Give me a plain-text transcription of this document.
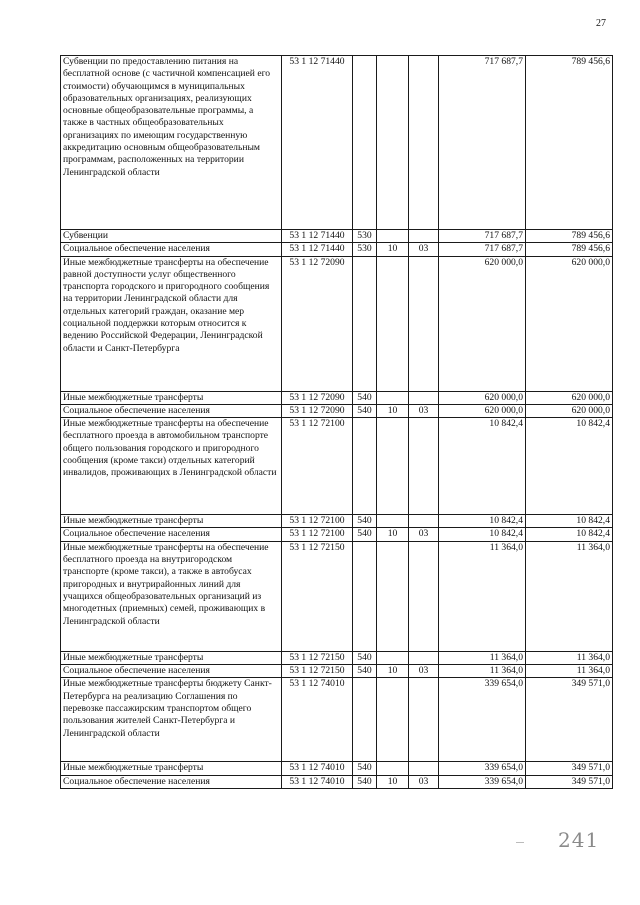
27
Субвенции по предоставлению питания на бесплатной основе (с частичной компенсацией его стоимости) обучающимся в муниципальных образовательных организациях, реализующих основные общеобразовательные программы, а также в частных общеобразовательных организациях по имеющим государственную аккредитацию основным общеобразовательным программам, расположенных на территории Ленинградской области	53 1 12 71440				717 687,7	789 456,6
Субвенции	53 1 12 71440	530			717 687,7	789 456,6
Социальное обеспечение населения	53 1 12 71440	530	10	03	717 687,7	789 456,6
Иные межбюджетные трансферты на обеспечение равной доступности услуг общественного транспорта городского и пригородного сообщения на территории Ленинградской области для отдельных категорий граждан, оказание мер социальной поддержки которым относится к ведению Российской Федерации, Ленинградской области и Санкт-Петербурга	53 1 12 72090				620 000,0	620 000,0
Иные межбюджетные трансферты	53 1 12 72090	540			620 000,0	620 000,0
Социальное обеспечение населения	53 1 12 72090	540	10	03	620 000,0	620 000,0
Иные межбюджетные трансферты на обеспечение бесплатного проезда в автомобильном транспорте общего пользования городского и пригородного сообщения (кроме такси) отдельных категорий инвалидов, проживающих в Ленинградской области	53 1 12 72100				10 842,4	10 842,4
Иные межбюджетные трансферты	53 1 12 72100	540			10 842,4	10 842,4
Социальное обеспечение населения	53 1 12 72100	540	10	03	10 842,4	10 842,4
Иные межбюджетные трансферты на обеспечение бесплатного проезда на внутригородском транспорте (кроме такси), а также в автобусах пригородных и внутрирайонных линий для учащихся общеобразовательных организаций из многодетных (приемных) семей, проживающих в Ленинградской области	53 1 12 72150				11 364,0	11 364,0
Иные межбюджетные трансферты	53 1 12 72150	540			11 364,0	11 364,0
Социальное обеспечение населения	53 1 12 72150	540	10	03	11 364,0	11 364,0
Иные межбюджетные трансферты бюджету Санкт-Петербурга на реализацию Соглашения по перевозке пассажирским транспортом общего пользования жителей Санкт-Петербурга и Ленинградской области	53 1 12 74010				339 654,0	349 571,0
Иные межбюджетные трансферты	53 1 12 74010	540			339 654,0	349 571,0
Социальное обеспечение населения	53 1 12 74010	540	10	03	339 654,0	349 571,0
241
